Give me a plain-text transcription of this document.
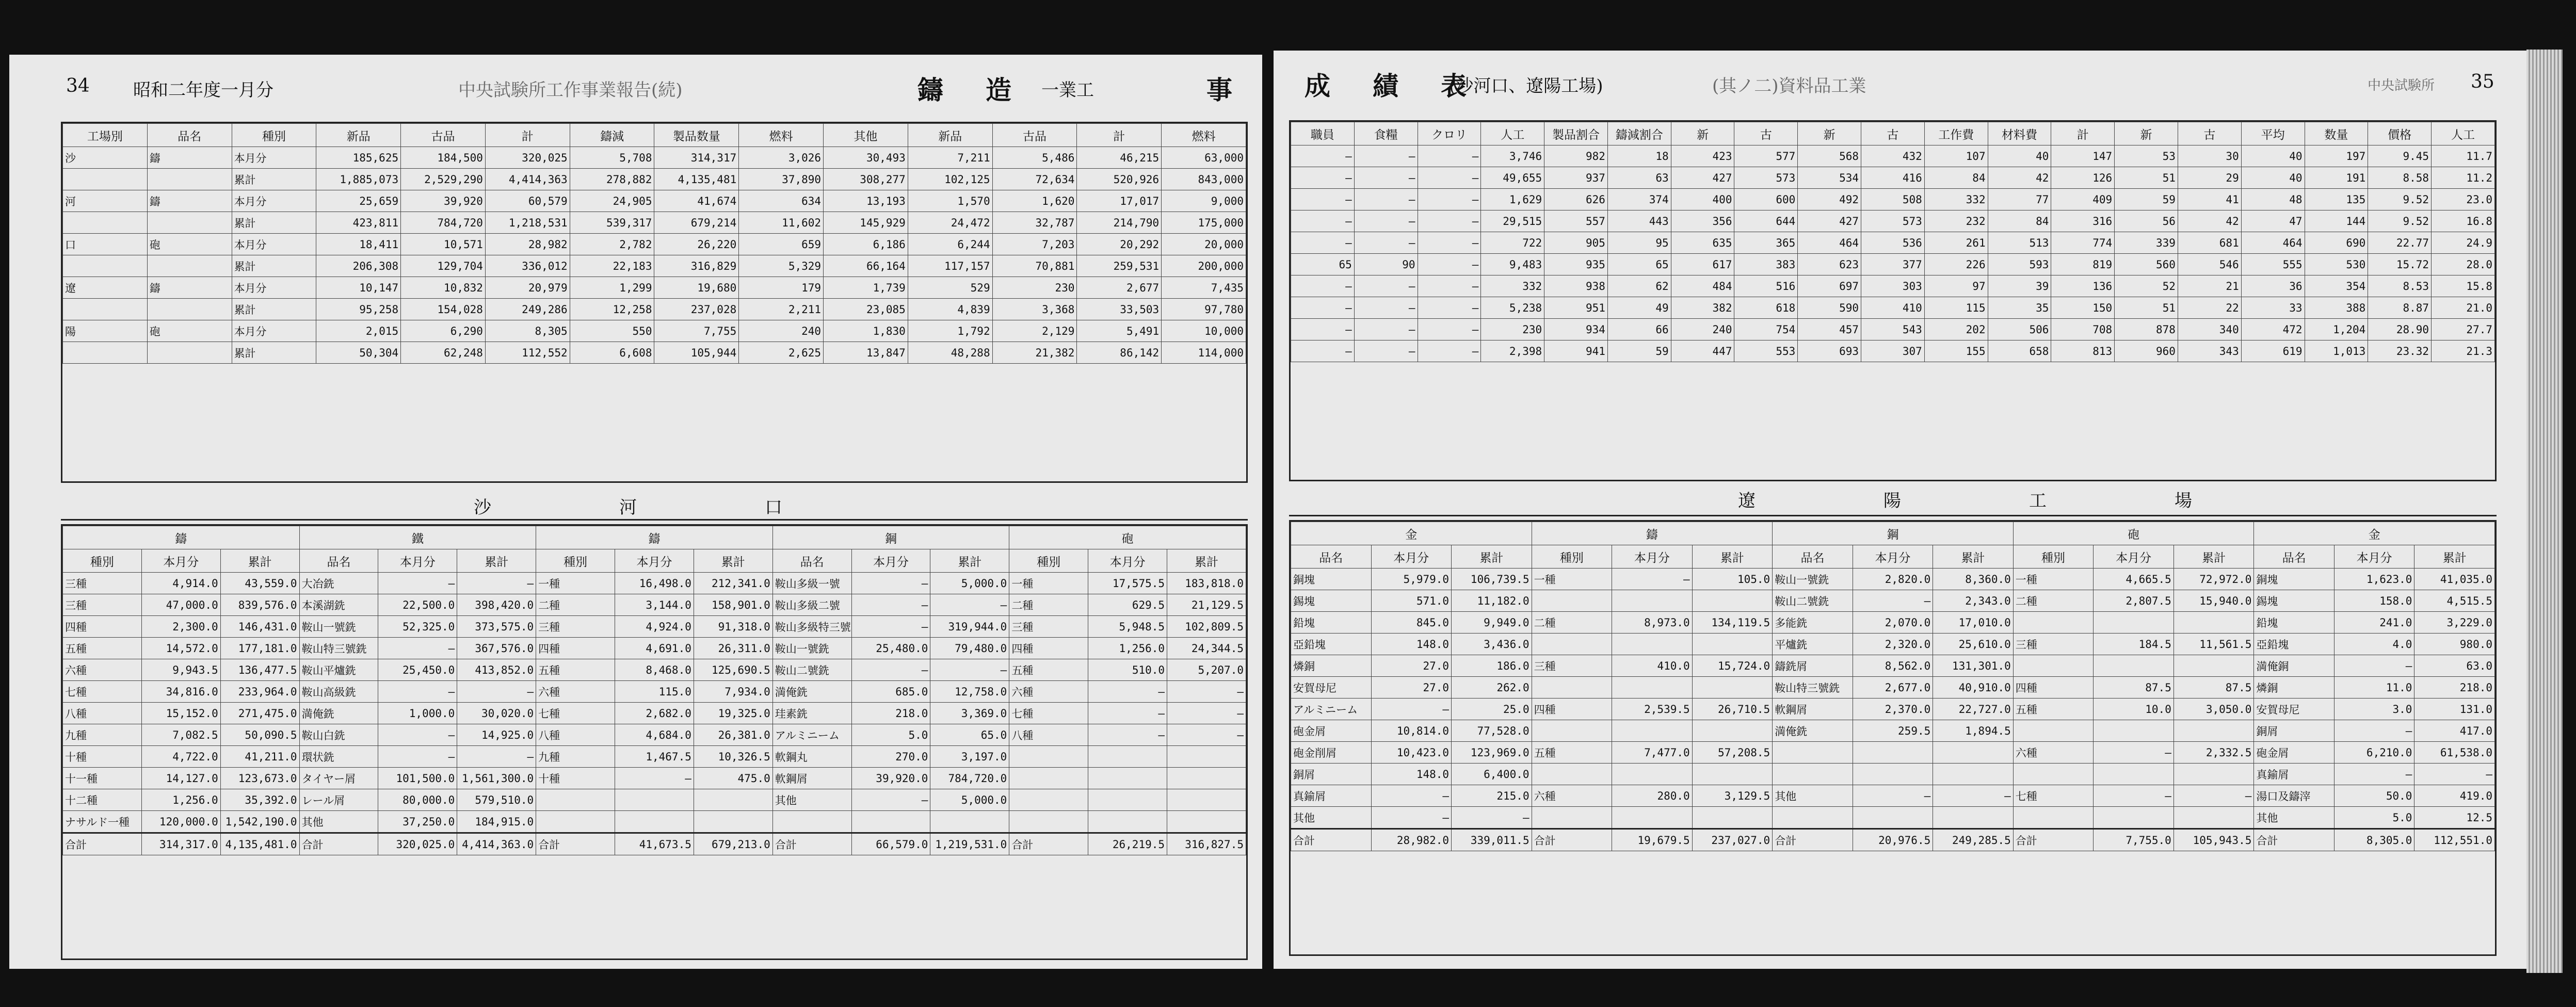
34 昭和二年度一月分	中央試験所工作事業報告(続)	鑄　造 一業工	事
工場別	品名	種別	新品	古品	計	鑄減	製品数量	燃料	其他	新品	古品	計	燃料
沙	鑄	本月分	185,625	184,500	320,025	5,708	314,317	3,026	30,493	7,211	5,486	46,215	63,000
		累計	1,885,073	2,529,290	4,414,363	278,882	4,135,481	37,890	308,277	102,125	72,634	520,926	843,000
河	鑄	本月分	25,659	39,920	60,579	24,905	41,674	634	13,193	1,570	1,620	17,017	9,000
		累計	423,811	784,720	1,218,531	539,317	679,214	11,602	145,929	24,472	32,787	214,790	175,000
口	砲	本月分	18,411	10,571	28,982	2,782	26,220	659	6,186	6,244	7,203	20,292	20,000
		累計	206,308	129,704	336,012	22,183	316,829	5,329	66,164	117,157	70,881	259,531	200,000
遼	鑄	本月分	10,147	10,832	20,979	1,299	19,680	179	1,739	529	230	2,677	7,435
		累計	95,258	154,028	249,286	12,258	237,028	2,211	23,085	4,839	3,368	33,503	97,780
陽	砲	本月分	2,015	6,290	8,305	550	7,755	240	1,830	1,792	2,129	5,491	10,000
		累計	50,304	62,248	112,552	6,608	105,944	2,625	13,847	48,288	21,382	86,142	114,000
沙　　河　　口
鑄			鐵			鑄			鋼			砲		
種別	本月分	累計	品名	本月分	累計	種別	本月分	累計	品名	本月分	累計	種別	本月分	累計
三種	4,914.0	43,559.0	大冶銑	—	—	一種	16,498.0	212,341.0	鞍山多級一號	—	5,000.0	一種	17,575.5	183,818.0
三種	47,000.0	839,576.0	本溪湖銑	22,500.0	398,420.0	二種	3,144.0	158,901.0	鞍山多級二號	—	—	二種	629.5	21,129.5
四種	2,300.0	146,431.0	鞍山一號銑	52,325.0	373,575.0	三種	4,924.0	91,318.0	鞍山多級特三號	—	319,944.0	三種	5,948.5	102,809.5
五種	14,572.0	177,181.0	鞍山特三號銑	—	367,576.0	四種	4,691.0	26,311.0	鞍山一號銑	25,480.0	79,480.0	四種	1,256.0	24,344.5
六種	9,943.5	136,477.5	鞍山平爐銑	25,450.0	413,852.0	五種	8,468.0	125,690.5	鞍山二號銑	—	—	五種	510.0	5,207.0
七種	34,816.0	233,964.0	鞍山高級銑	—	—	六種	115.0	7,934.0	満俺銑	685.0	12,758.0	六種	—	—
八種	15,152.0	271,475.0	満俺銑	1,000.0	30,020.0	七種	2,682.0	19,325.0	珪素銑	218.0	3,369.0	七種	—	—
九種	7,082.5	50,090.5	鞍山白銑	—	14,925.0	八種	4,684.0	26,381.0	アルミニーム	5.0	65.0	八種	—	—
十種	4,722.0	41,211.0	環状銑	—	—	九種	1,467.5	10,326.5	軟鋼丸	270.0	3,197.0			
十一種	14,127.0	123,673.0	タイヤー屑	101,500.0	1,561,300.0	十種	—	475.0	軟鋼屑	39,920.0	784,720.0			
十二種	1,256.0	35,392.0	レール屑	80,000.0	579,510.0				其他	—	5,000.0			
ナサルド一種	120,000.0	1,542,190.0	其他	37,250.0	184,915.0									
合計	314,317.0	4,135,481.0	合計	320,025.0	4,414,363.0	合計	41,673.5	679,213.0	合計	66,579.0	1,219,531.0	合計	26,219.5	316,827.5
成　績　表
(沙河口、遼陽工場)	(其ノ二)資料品工業	中央試験所 35
職員	食糧	クロリ	人工	製品割合	鑄減割合	新	古	新	古	工作費	材料費	計	新	古	平均	数量	價格	人工
—	—	—	3,746	982	18	423	577	568	432	107	40	147	53	30	40	197	9.45	11.7
—	—	—	49,655	937	63	427	573	534	416	84	42	126	51	29	40	191	8.58	11.2
—	—	—	1,629	626	374	400	600	492	508	332	77	409	59	41	48	135	9.52	23.0
—	—	—	29,515	557	443	356	644	427	573	232	84	316	56	42	47	144	9.52	16.8
—	—	—	722	905	95	635	365	464	536	261	513	774	339	681	464	690	22.77	24.9
65	90	—	9,483	935	65	617	383	623	377	226	593	819	560	546	555	530	15.72	28.0
—	—	—	332	938	62	484	516	697	303	97	39	136	52	21	36	354	8.53	15.8
—	—	—	5,238	951	49	382	618	590	410	115	35	150	51	22	33	388	8.87	21.0
—	—	—	230	934	66	240	754	457	543	202	506	708	878	340	472	1,204	28.90	27.7
—	—	—	2,398	941	59	447	553	693	307	155	658	813	960	343	619	1,013	23.32	21.3
遼　　陽　　工　　場
金			鑄			鋼			砲			金		
品名	本月分	累計	種別	本月分	累計	品名	本月分	累計	種別	本月分	累計	品名	本月分	累計
銅塊	5,979.0	106,739.5	一種	—	105.0	鞍山一號銑	2,820.0	8,360.0	一種	4,665.5	72,972.0	銅塊	1,623.0	41,035.0
錫塊	571.0	11,182.0				鞍山二號銑	—	2,343.0	二種	2,807.5	15,940.0	錫塊	158.0	4,515.5
鉛塊	845.0	9,949.0	二種	8,973.0	134,119.5	多能銑	2,070.0	17,010.0				鉛塊	241.0	3,229.0
亞鉛塊	148.0	3,436.0				平爐銑	2,320.0	25,610.0	三種	184.5	11,561.5	亞鉛塊	4.0	980.0
燐銅	27.0	186.0	三種	410.0	15,724.0	鑄銑屑	8,562.0	131,301.0				満俺銅	—	63.0
安賀母尼	27.0	262.0				鞍山特三號銑	2,677.0	40,910.0	四種	87.5	87.5	燐銅	11.0	218.0
アルミニーム	—	25.0	四種	2,539.5	26,710.5	軟鋼屑	2,370.0	22,727.0	五種	10.0	3,050.0	安賀母尼	3.0	131.0
砲金屑	10,814.0	77,528.0				満俺銑	259.5	1,894.5				銅屑	—	417.0
砲金削屑	10,423.0	123,969.0	五種	7,477.0	57,208.5				六種	—	2,332.5	砲金屑	6,210.0	61,538.0
銅屑	148.0	6,400.0										真鍮屑	—	—
真鍮屑	—	215.0	六種	280.0	3,129.5	其他	—	—	七種	—	—	湯口及鑄滓	50.0	419.0
其他	—	—										其他	5.0	12.5
合計	28,982.0	339,011.5	合計	19,679.5	237,027.0	合計	20,976.5	249,285.5	合計	7,755.0	105,943.5	合計	8,305.0	112,551.0
